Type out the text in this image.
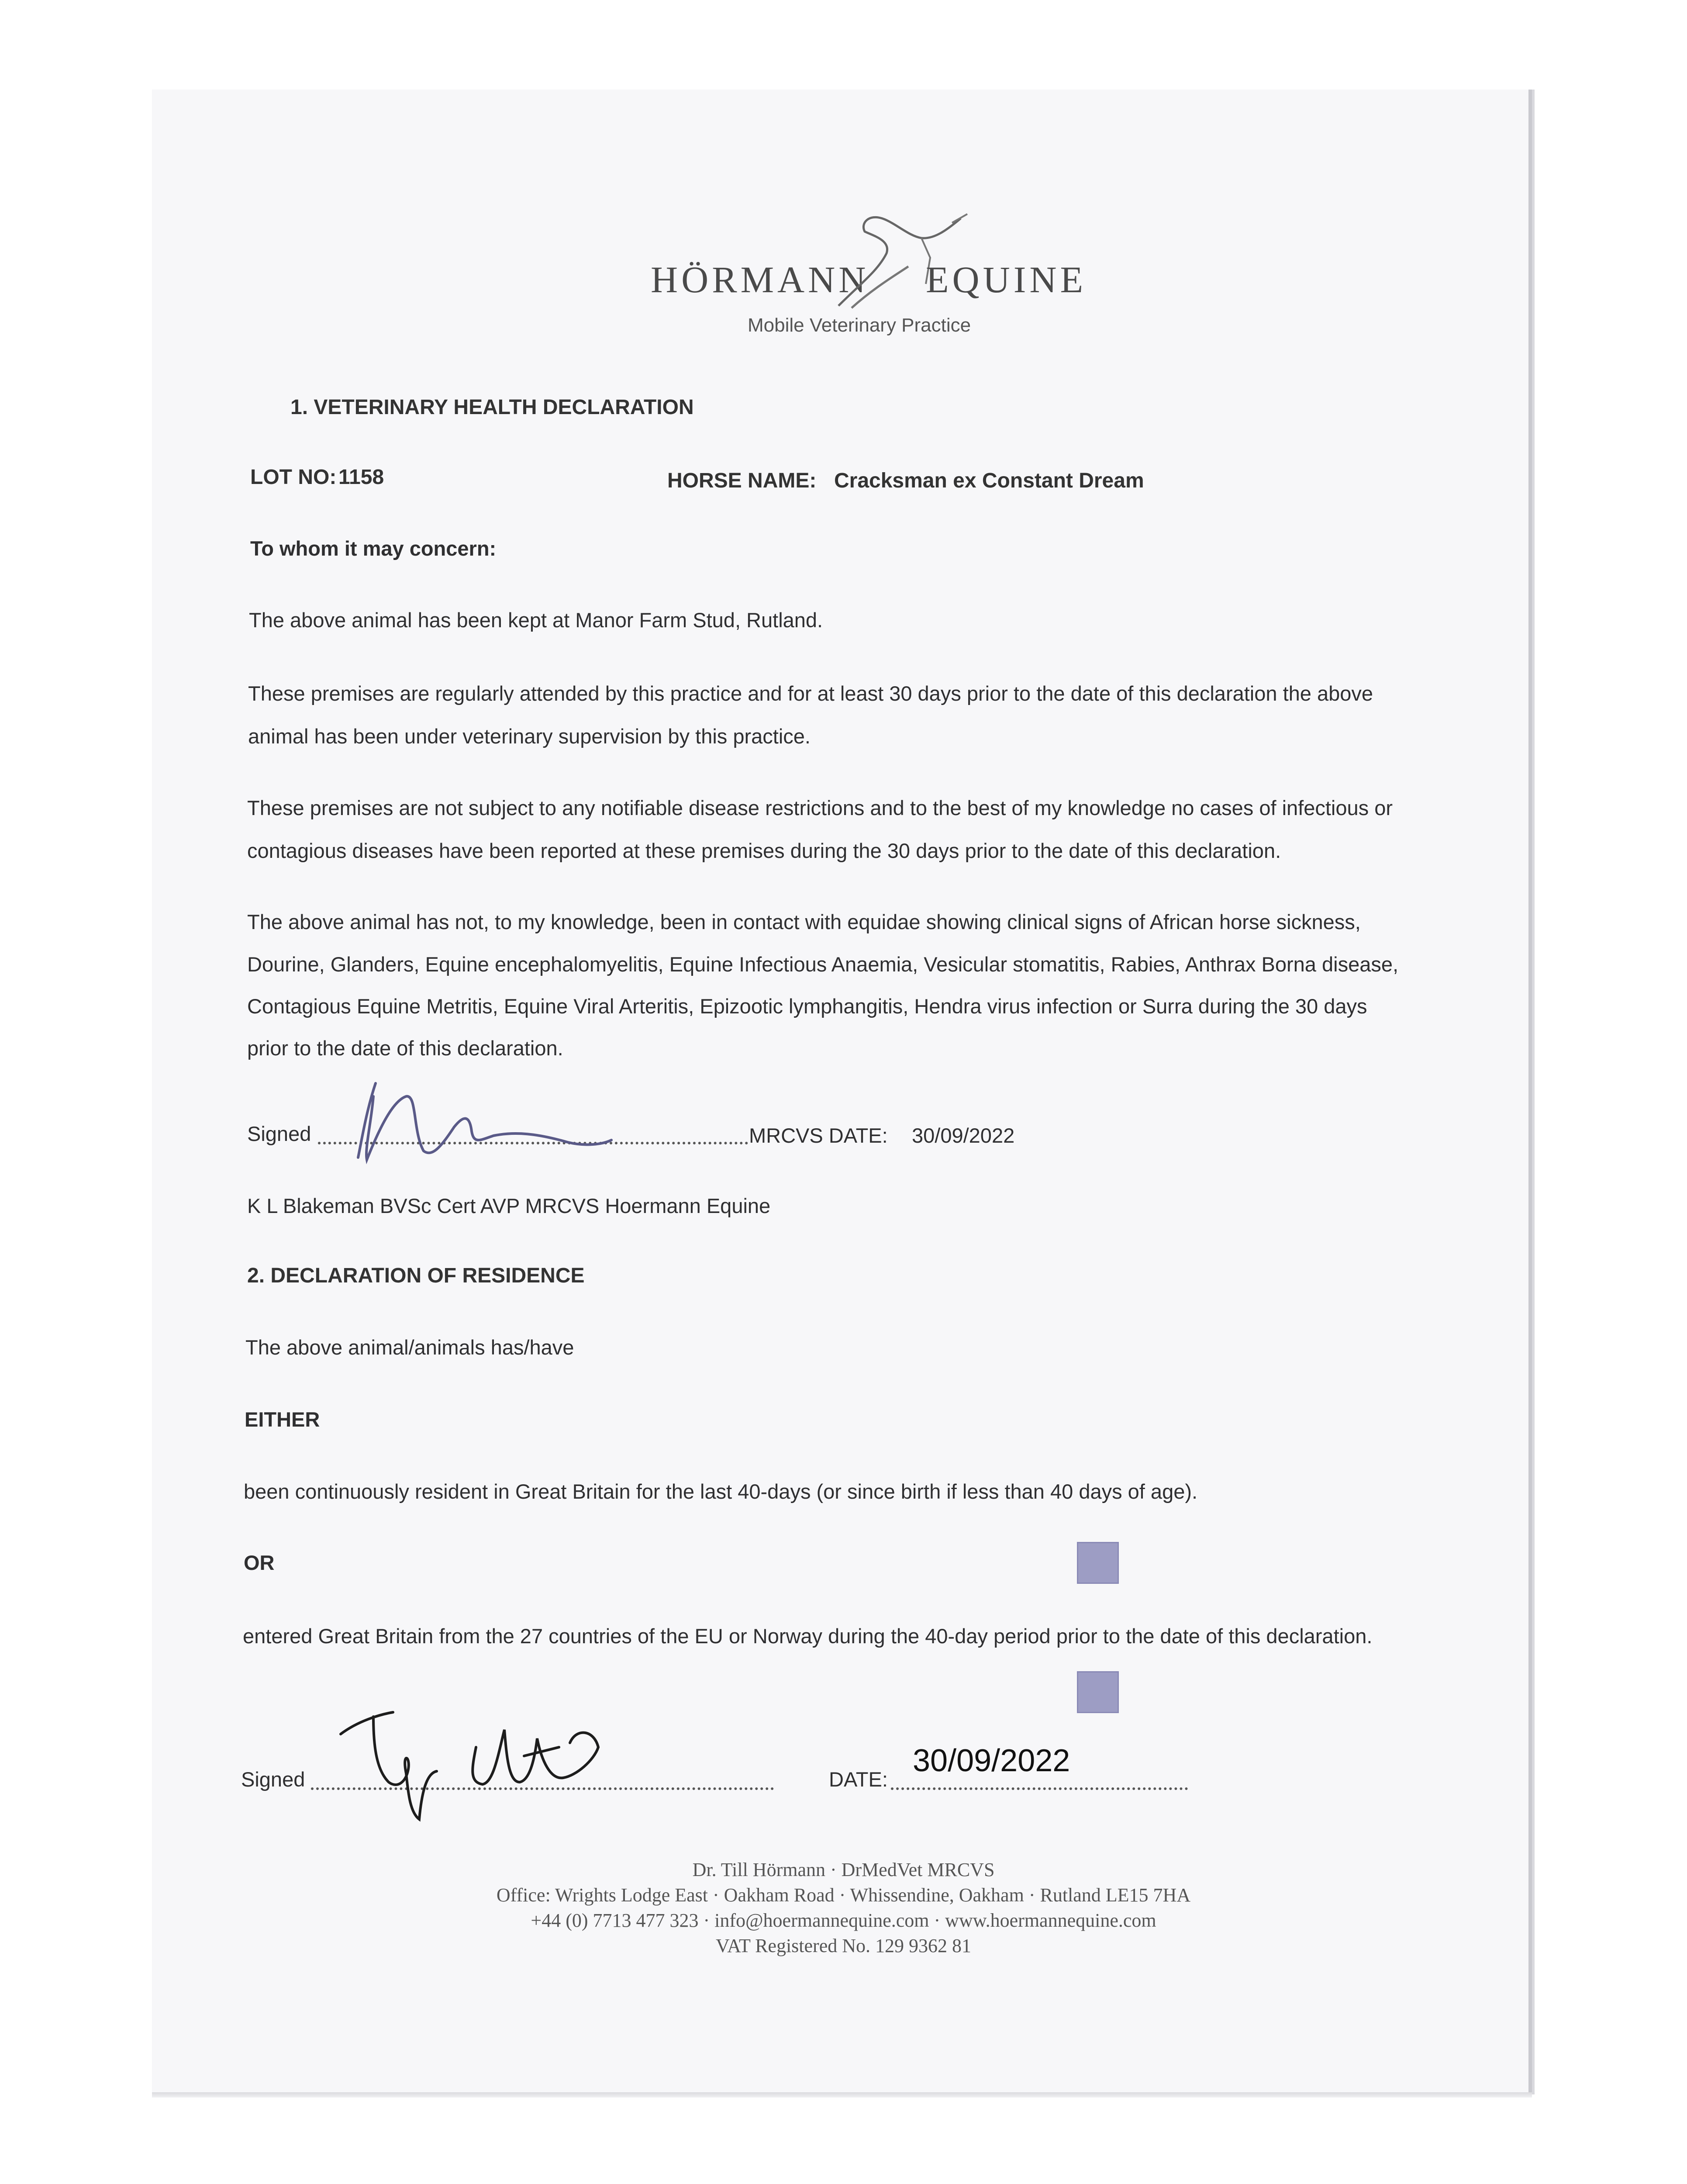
HÖRMANN EQUINE
Mobile Veterinary Practice
1. VETERINARY HEALTH DECLARATION
LOT NO: 1158	HORSE NAME: Cracksman ex Constant Dream
To whom it may concern:
The above animal has been kept at Manor Farm Stud, Rutland.
These premises are regularly attended by this practice and for at least 30 days prior to the date of this declaration the above
animal has been under veterinary supervision by this practice.
These premises are not subject to any notifiable disease restrictions and to the best of my knowledge no cases of infectious or
contagious diseases have been reported at these premises during the 30 days prior to the date of this declaration.
The above animal has not, to my knowledge, been in contact with equidae showing clinical signs of African horse sickness,
Dourine, Glanders, Equine encephalomyelitis, Equine Infectious Anaemia, Vesicular stomatitis, Rabies, Anthrax Borna disease,
Contagious Equine Metritis, Equine Viral Arteritis, Epizootic lymphangitis, Hendra virus infection or Surra during the 30 days
prior to the date of this declaration.
Signed	MRCVS DATE: 30/09/2022
K L Blakeman BVSc Cert AVP MRCVS Hoermann Equine
2. DECLARATION OF RESIDENCE
The above animal/animals has/have
EITHER
been continuously resident in Great Britain for the last 40-days (or since birth if less than 40 days of age).
OR
entered Great Britain from the 27 countries of the EU or Norway during the 40-day period prior to the date of this declaration.
Signed	DATE:
30/09/2022
Dr. Till Hörmann · DrMedVet MRCVS
Office: Wrights Lodge East · Oakham Road · Whissendine, Oakham · Rutland LE15 7HA
+44 (0) 7713 477 323 · info@hoermannequine.com · www.hoermannequine.com
VAT Registered No. 129 9362 81
